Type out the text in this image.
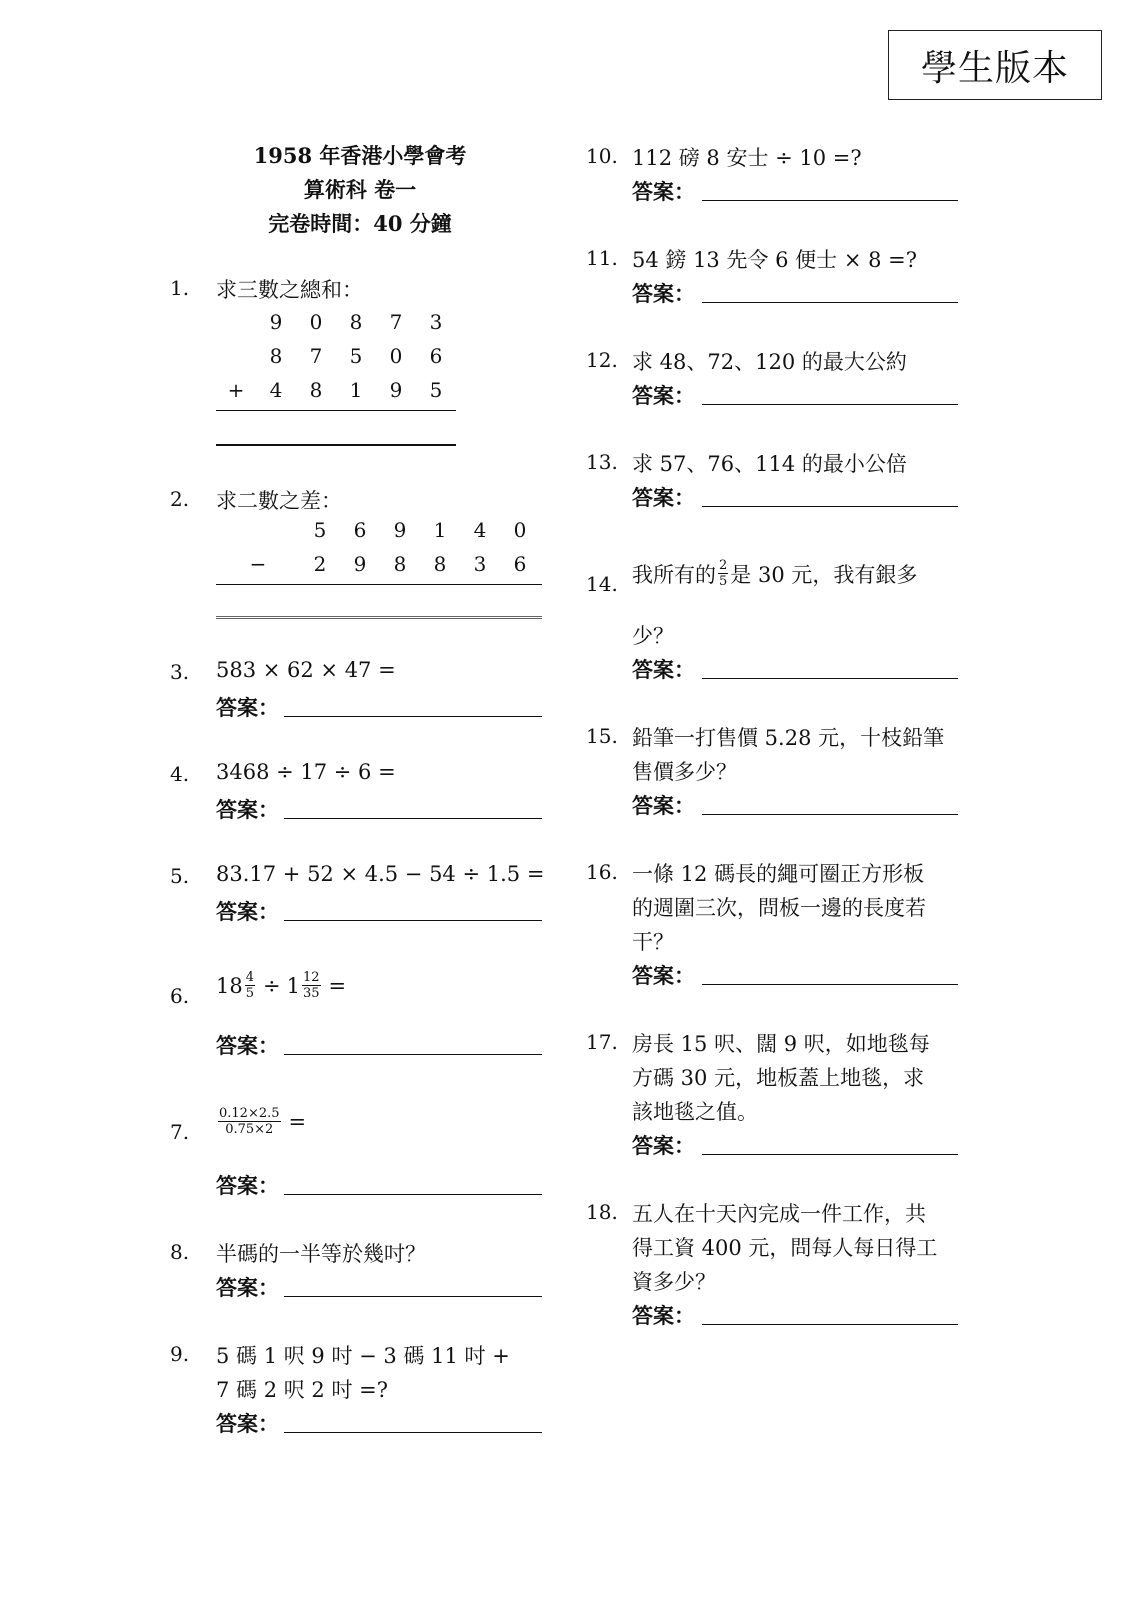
學生版本
1958 年香港小學會考
算術科 卷一
完卷時間：40 分鐘
1. 求三數之總和：
+
9 0 8 7 3
8 7 5 0 6
4 8 1 9 5
2. 求二數之差：
−
5 6 9 1 4 0
2 9 8 8 3 6
3. 583 × 62 × 47 =
答案：
4. 3468 ÷ 17 ÷ 6 =
答案：
5. 83.17 + 52 × 4.5 − 54 ÷ 1.5 =
答案：
6. $18 \frac{4}{5} \div 1 \frac{12}{35}$ =
答案：
7. $\frac{0.12\times 2.5}{0.75\times 2}$ =
答案：
8. 半碼的一半等於幾吋？
答案：
9. 5 碼 1 呎 9 吋 − 3 碼 11 吋 +
7 碼 2 呎 2 吋 =?
答案：
10. 112 磅 8 安士 ÷ 10 =?
答案：
11. 54 鎊 13 先令 6 便士 × 8 =?
答案：
12. 求 48、72、120 的最大公約
答案：
13. 求 57、76、114 的最小公倍
答案：
14. 我所有的 $\frac{2}{5}$ 是 30 元，我有銀多
少？
答案：
15. 鉛筆一打售價 5.28 元，十枝鉛筆
售價多少？
答案：
16. 一條 12 碼長的繩可圈正方形板
的週圍三次，問板一邊的長度若
干？
答案：
17. 房長 15 呎、闊 9 呎，如地毯每
方碼 30 元，地板蓋上地毯，求
該地毯之值。
答案：
18. 五人在十天內完成一件工作，共
得工資 400 元，問每人每日得工
資多少？
答案：
